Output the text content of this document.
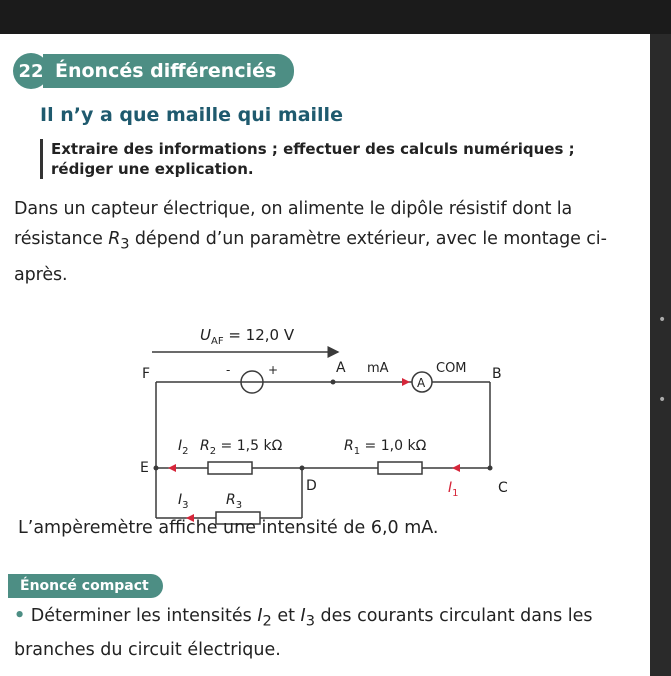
•
•
22 Énoncés différenciés
Il n’y a que maille qui maille
Extraire des informations ; effectuer des calculs numériques ; rédiger une explication.
Dans un capteur électrique, on alimente le dipôle résistif dont la résistance $R_3$ dépend d’un paramètre extérieur, avec le montage ci-après.
$U_{AF} = 12,0$ V
F	-	+	A mA	COM
A
B
E
D	C
$I_2$ $R_2 = 1,5$ kΩ	$R_1 = 1,0$ kΩ
$I_1$
$I_3$	$R_3$
L’ampèremètre affiche une intensité de 6,0 mA.
Énoncé compact
• Déterminer les intensités $I_2$ et $I_3$ des courants circulant dans les branches du circuit électrique.
